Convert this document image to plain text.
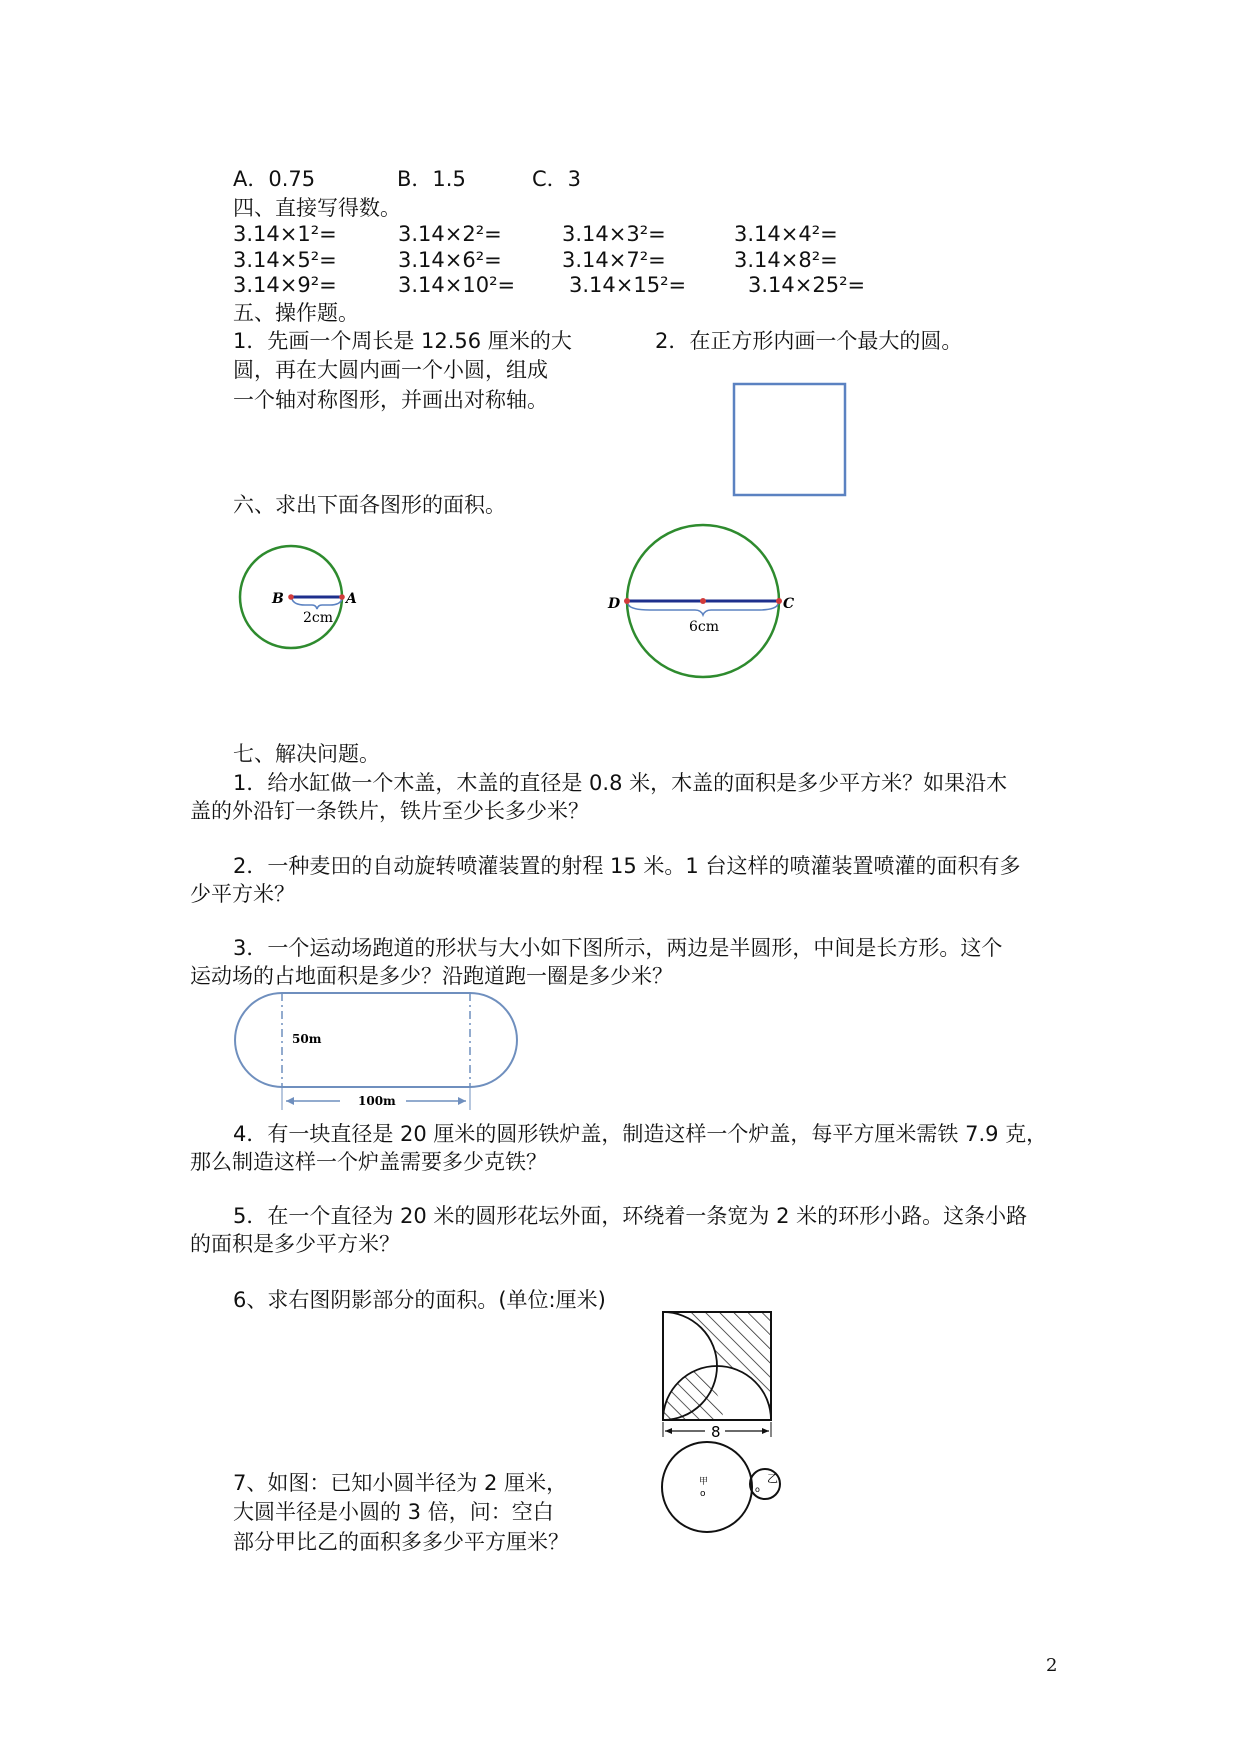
A．0.75	B．1.5	C．3
四、直接写得数。
3.14×1²=	3.14×2²=	3.14×3²=	3.14×4²=
3.14×5²=	3.14×6²=	3.14×7²=	3.14×8²=
3.14×9²=	3.14×10²=	3.14×15²=	3.14×25²=
五、操作题。
1．先画一个周长是 12.56 厘米的大
圆，再在大圆内画一个小圆，组成
一个轴对称图形，并画出对称轴。
2．在正方形内画一个最大的圆。
六、求出下面各图形的面积。
B	A
2cm
D	C
6cm
七、解决问题。
1．给水缸做一个木盖，木盖的直径是 0.8 米，木盖的面积是多少平方米？如果沿木
盖的外沿钉一条铁片，铁片至少长多少米？
2．一种麦田的自动旋转喷灌装置的射程 15 米。1 台这样的喷灌装置喷灌的面积有多
少平方米？
3．一个运动场跑道的形状与大小如下图所示，两边是半圆形，中间是长方形。这个
运动场的占地面积是多少？沿跑道跑一圈是多少米？
50m
100m
4．有一块直径是 20 厘米的圆形铁炉盖，制造这样一个炉盖，每平方厘米需铁 7.9 克，
那么制造这样一个炉盖需要多少克铁？
5．在一个直径为 20 米的圆形花坛外面，环绕着一条宽为 2 米的环形小路。这条小路
的面积是多少平方米？
6、求右图阴影部分的面积。(单位:厘米)
8
7、如图：已知小圆半径为 2 厘米，
大圆半径是小圆的 3 倍，问：空白
部分甲比乙的面积多多少平方厘米？
甲
o
乙
o
2
